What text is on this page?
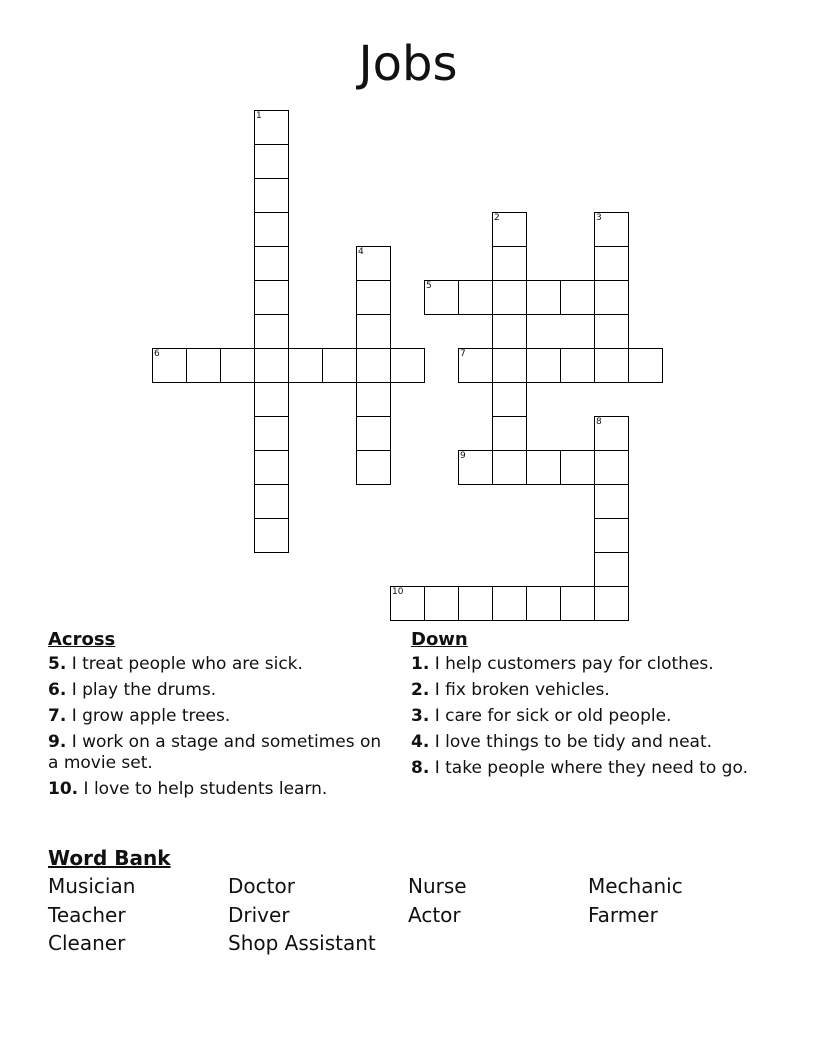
Jobs
1
2	3
4
5
6	7
8
9
10
Across
5. I treat people who are sick.
6. I play the drums.
7. I grow apple trees.
9. I work on a stage and sometimes on a movie set.
10. I love to help students learn.
Down
1. I help customers pay for clothes.
2. I fix broken vehicles.
3. I care for sick or old people.
4. I love things to be tidy and neat.
8. I take people where they need to go.
Word Bank
Musician	Doctor	Nurse	Mechanic
Teacher	Driver	Actor	Farmer
Cleaner	Shop Assistant
